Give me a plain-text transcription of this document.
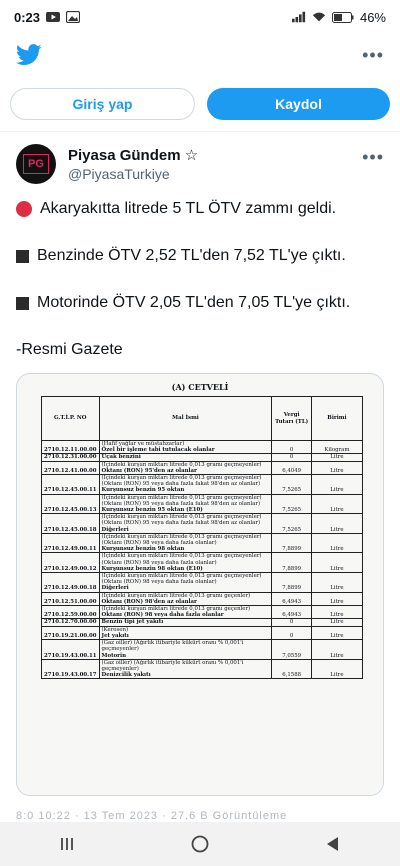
0:23	46%
•••
Giriş yap	Kaydol
PG	Piyasa Gündem ☆
@PiyasaTurkiye
•••
Akaryakıtta litrede 5 TL ÖTV zammı geldi.
Benzinde ÖTV 2,52 TL'den 7,52 TL'ye çıktı.
Motorinde ÖTV 2,05 TL'den 7,05 TL'ye çıktı.
-Resmi Gazete
(A) CETVELİ
G.T.İ.P. NO	Mal İsmi	Vergi Tutarı (TL)	Birimi
2710.12.11.00.00	(Hafif yağlar ve müstahzarlar)
Özel bir işleme tabi tutulacak olanlar	0	Kilogram
2710.12.31.00.00	Uçak benzini	0	Litre
2710.12.41.00.00	(İçindeki kurşun miktarı litrede 0,013 gramı geçmeyenler)
Oktanı (RON) 95'den az olanlar	6,4049	Litre
2710.12.45.00.11	(İçindeki kurşun miktarı litrede 0,013 gramı geçmeyenler) (Oktanı (RON) 95 veya daha fazla fakat 98'den az olanlar)
Kurşunsuz benzin 95 oktan	7,5265	Litre
2710.12.45.00.13	(İçindeki kurşun miktarı litrede 0,013 gramı geçmeyenler) (Oktanı (RON) 95 veya daha fazla fakat 98'den az olanlar)
Kurşunsuz benzin 95 oktan (E10)	7,5265	Litre
2710.12.45.00.18	(İçindeki kurşun miktarı litrede 0,013 gramı geçmeyenler) (Oktanı (RON) 95 veya daha fazla fakat 98'den az olanlar)
Diğerleri	7,5265	Litre
2710.12.49.00.11	(İçindeki kurşun miktarı litrede 0,013 gramı geçmeyenler) (Oktanı (RON) 98 veya daha fazla olanlar)
Kurşunsuz benzin 98 oktan	7,8899	Litre
2710.12.49.00.12	(İçindeki kurşun miktarı litrede 0,013 gramı geçmeyenler) (Oktanı (RON) 98 veya daha fazla olanlar)
Kurşunsuz benzin 98 oktan (E10)	7,8899	Litre
2710.12.49.00.18	(İçindeki kurşun miktarı litrede 0,013 gramı geçmeyenler) (Oktanı (RON) 98 veya daha fazla olanlar)
Diğerleri	7,8899	Litre
2710.12.51.00.00	(İçindeki kurşun miktarı litrede 0,013 gramı geçenler)
Oktanı (RON) 98'den az olanlar	6,4943	Litre
2710.12.59.00.00	(İçindeki kurşun miktarı litrede 0,013 gramı geçenler)
Oktanı (RON) 98 veya daha fazla olanlar	6,4943	Litre
2710.12.70.00.00	Benzin tipi jet yakıtı	0	Litre
2710.19.21.00.00	(Kerosen)
Jet yakıtı	0	Litre
2710.19.43.00.11	(Gaz oiller) (Ağırlık itibariyle kükürt oranı % 0,001'i geçmeyenler)
Motorin	7,0559	Litre
2710.19.43.00.17	(Gaz oiller) (Ağırlık itibariyle kükürt oranı % 0,001'i geçmeyenler)
Denizcilik yakıtı	6,1588	Litre
8:0 10:22 · 13 Tem 2023 · 27,6 B Görüntüleme
